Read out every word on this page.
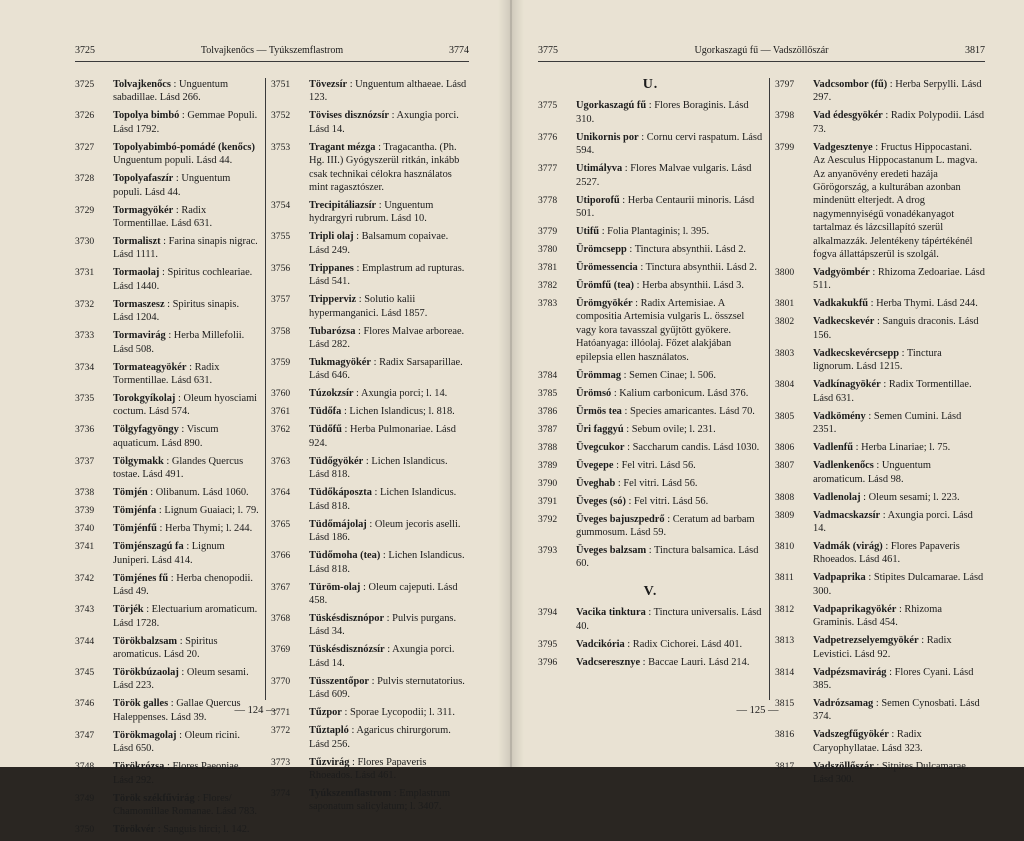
3725	Tolvajkenőcs — Tyúkszemflastrom	3774
3725 Tolvajkenőcs : Unguentum sabadillae. Lásd 266.
3726 Topolya bimbó : Gemmae Populi. Lásd 1792.
3727 Topolyabimbó-pomádé (kenőcs) Unguentum populi. Lásd 44.
3728 Topolyafaszír : Unguentum populi. Lásd 44.
3729 Tormagyökér : Radix Tormentillae. Lásd 631.
3730 Tormaliszt : Farina sinapis nigrac. Lásd 1111.
3731 Tormaolaj : Spiritus cochleariae. Lásd 1440.
3732 Tormaszesz : Spiritus sinapis. Lásd 1204.
3733 Tormavirág : Herba Millefolii. Lásd 508.
3734 Tormateagyökér : Radix Tormentillae. Lásd 631.
3735 Torokgyíkolaj : Oleum hyosciami coctum. Lásd 574.
3736 Tölgyfagyöngy : Viscum aquaticum. Lásd 890.
3737 Tölgymakk : Glandes Quercus tostae. Lásd 491.
3738 Tömjén : Olibanum. Lásd 1060.
3739 Tömjénfa : Lignum Guaiaci; l. 79.
3740 Tömjénfű : Herba Thymi; l. 244.
3741 Tömjénszagú fa : Lignum Juniperi. Lásd 414.
3742 Tömjénes fű : Herba chenopodii. Lásd 49.
3743 Törjék : Electuarium aromaticum. Lásd 1728.
3744 Törökbalzsam : Spiritus aromaticus. Lásd 20.
3745 Törökbúzaolaj : Oleum sesami. Lásd 223.
3746 Török galles : Gallae Quercus Haleppenses. Lásd 39.
3747 Törökmagolaj : Oleum ricini. Lásd 650.
3748 Törökrózsa : Flores Paeoniae. Lásd 292.
3749 Török székfűvirág : Flores/ Chamomillae Romanae. Lásd 783.
3750 Törökvér : Sanguis hirci; l. 142.
3751 Tövezsír : Unguentum althaeae. Lásd 123.
3752 Tövises disznózsír : Axungia porci. Lásd 14.
3753 Tragant mézga : Tragacantha. (Ph. Hg. III.) Gyógyszerül ritkán, inkább csak technikai célokra használatos mint ragasztószer.
3754 Trecipitáliazsír : Unguentum hydrargyri rubrum. Lásd 10.
3755 Tripli olaj : Balsamum copaivae. Lásd 249.
3756 Trippanes : Emplastrum ad rupturas. Lásd 541.
3757 Tripperviz : Solutio kalii hypermanganici. Lásd 1857.
3758 Tubarózsa : Flores Malvae arboreae. Lásd 282.
3759 Tukmagyökér : Radix Sarsaparillae. Lásd 646.
3760 Túzokzsír : Axungia porci; l. 14.
3761 Tüdőfa : Lichen Islandicus; l. 818.
3762 Tüdőfű : Herba Pulmonariae. Lásd 924.
3763 Tüdőgyökér : Lichen Islandicus. Lásd 818.
3764 Tüdőkáposzta : Lichen Islandicus. Lásd 818.
3765 Tüdőmájolaj : Oleum jecoris aselli. Lásd 186.
3766 Tüdőmoha (tea) : Lichen Islandicus. Lásd 818.
3767 Türöm-olaj : Oleum cajeputi. Lásd 458.
3768 Tüskésdisznópor : Pulvis purgans. Lásd 34.
3769 Tüskésdisznózsír : Axungia porci. Lásd 14.
3770 Tüsszentőpor : Pulvis sternutatorius. Lásd 609.
3771 Tűzpor : Sporae Lycopodii; l. 311.
3772 Tűztapló : Agaricus chirurgorum. Lásd 256.
3773 Tűzvirág : Flores Papaveris Rhoeados. Lásd 461.
3774 Tyúkszemflastrom : Emplastrum saponatum salicylatum; l. 3407.
— 124 —
3775	Ugorkaszagú fű — Vadszöllőszár	3817
U.
3775 Ugorkaszagú fű : Flores Boraginis. Lásd 310.
3776 Unikornis por : Cornu cervi raspatum. Lásd 594.
3777 Utimályva : Flores Malvae vulgaris. Lásd 2527.
3778 Utiporofű : Herba Centaurii minoris. Lásd 501.
3779 Utifű : Folia Plantaginis; l. 395.
3780 Ürömcsepp : Tinctura absynthii. Lásd 2.
3781 Ürömessencia : Tinctura absynthii. Lásd 2.
3782 Ürömfű (tea) : Herba absynthii. Lásd 3.
3783 Ürömgyökér : Radix Artemisiae. A compositia Artemisia vulgaris L. összsel vagy kora tavasszal gyűjtött gyökere. Hatóanyaga: illóolaj. Főzet alakjában epilepsia ellen használatos.
3784 Ürömmag : Semen Cinae; l. 506.
3785 Ürömsó : Kalium carbonicum. Lásd 376.
3786 Ürmös tea : Species amaricantes. Lásd 70.
3787 Üri faggyú : Sebum ovile; l. 231.
3788 Üvegcukor : Saccharum candis. Lásd 1030.
3789 Üvegepe : Fel vitri. Lásd 56.
3790 Üveghab : Fel vitri. Lásd 56.
3791 Üveges (só) : Fel vitri. Lásd 56.
3792 Üveges bajuszpedrő : Ceratum ad barbam gummosum. Lásd 59.
3793 Üveges balzsam : Tinctura balsamica. Lásd 60.
V.
3794 Vacika tinktura : Tinctura universalis. Lásd 40.
3795 Vadcikória : Radix Cichorei. Lásd 401.
3796 Vadcseresznye : Baccae Lauri. Lásd 214.
3797 Vadcsombor (fű) : Herba Serpylli. Lásd 297.
3798 Vad édesgyökér : Radix Polypodii. Lásd 73.
3799 Vadgesztenye : Fructus Hippocastani. Az Aesculus Hippocastanum L. magva. Az anyanövény eredeti hazája Görögország, a kulturában azonban mindenütt elterjedt. A drog nagymennyiségű vonadékanyagot tartalmaz és lázcsillapító szerül alkalmazzák. Jelentékeny tápértékénél fogva állattápszerül is szolgál.
3800 Vadgyömbér : Rhizoma Zedoariae. Lásd 511.
3801 Vadkakukfű : Herba Thymi. Lásd 244.
3802 Vadkecskevér : Sanguis draconis. Lásd 156.
3803 Vadkecskevércsepp : Tinctura lignorum. Lásd 1215.
3804 Vadkínagyökér : Radix Tormentillae. Lásd 631.
3805 Vadkömény : Semen Cumini. Lásd 2351.
3806 Vadlenfű : Herba Linariae; l. 75.
3807 Vadlenkenőcs : Unguentum aromaticum. Lásd 98.
3808 Vadlenolaj : Oleum sesami; l. 223.
3809 Vadmacskazsír : Axungia porci. Lásd 14.
3810 Vadmák (virág) : Flores Papaveris Rhoeados. Lásd 461.
3811 Vadpaprika : Stipites Dulcamarae. Lásd 300.
3812 Vadpaprikagyökér : Rhizoma Graminis. Lásd 454.
3813 Vadpetrezselyemgyökér : Radix Levistici. Lásd 92.
3814 Vadpézsmavirág : Flores Cyani. Lásd 385.
3815 Vadrózsamag : Semen Cynosbati. Lásd 374.
3816 Vadszegfűgyökér : Radix Caryophyllatae. Lásd 323.
3817 Vadszöllőszár : Sitpites Dulcamarae. Lásd 300.
— 125 —
